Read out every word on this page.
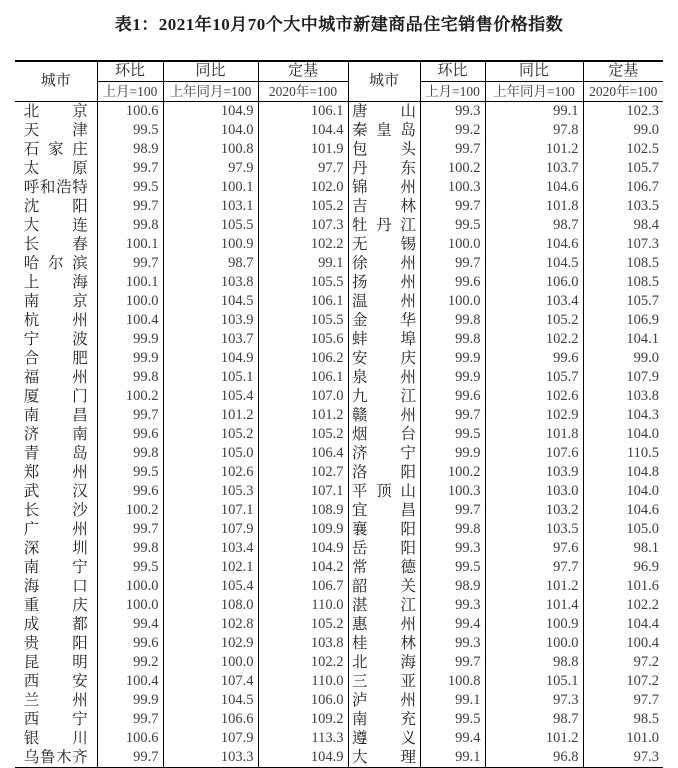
表1：2021年10月70个大中城市新建商品住宅销售价格指数
城市	环比	同比	定基	城市	环比	同比	定基
	上月=100	上年同月=100	2020年=100		上月=100	上年同月=100	2020年=100
北京	100.6	104.9	106.1	唐山	99.3	99.1	102.3
天津	99.5	104.0	104.4	秦皇岛	99.2	97.8	99.0
石家庄	98.9	100.8	101.9	包头	99.7	101.2	102.5
太原	99.7	97.9	97.7	丹东	100.2	103.7	105.7
呼和浩特	99.5	100.1	102.0	锦州	100.3	104.6	106.7
沈阳	99.7	103.1	105.2	吉林	99.7	101.8	103.5
大连	99.8	105.5	107.3	牡丹江	99.5	98.7	98.4
长春	100.1	100.9	102.2	无锡	100.0	104.6	107.3
哈尔滨	99.7	98.7	99.1	徐州	99.7	104.5	108.5
上海	100.1	103.8	105.5	扬州	99.6	106.0	108.5
南京	100.0	104.5	106.1	温州	100.0	103.4	105.7
杭州	100.4	103.9	105.5	金华	99.8	105.2	106.9
宁波	99.9	103.7	105.6	蚌埠	99.8	102.2	104.1
合肥	99.9	104.9	106.2	安庆	99.9	99.6	99.0
福州	99.8	105.1	106.1	泉州	99.9	105.7	107.9
厦门	100.2	105.4	107.0	九江	99.6	102.6	103.8
南昌	99.7	101.2	101.2	赣州	99.7	102.9	104.3
济南	99.6	105.2	105.2	烟台	99.5	101.8	104.0
青岛	99.8	105.0	106.4	济宁	99.9	107.6	110.5
郑州	99.5	102.6	102.7	洛阳	100.2	103.9	104.8
武汉	99.6	105.3	107.1	平顶山	100.3	103.0	104.0
长沙	100.2	107.1	108.9	宜昌	99.7	103.2	104.6
广州	99.7	107.9	109.9	襄阳	99.8	103.5	105.0
深圳	99.8	103.4	104.9	岳阳	99.3	97.6	98.1
南宁	99.5	102.1	104.2	常德	99.5	97.7	96.9
海口	100.0	105.4	106.7	韶关	98.9	101.2	101.6
重庆	100.0	108.0	110.0	湛江	99.3	101.4	102.2
成都	99.4	102.8	105.2	惠州	99.4	100.9	104.4
贵阳	99.6	102.9	103.8	桂林	99.3	100.0	100.4
昆明	99.2	100.0	102.2	北海	99.7	98.8	97.2
西安	100.4	107.4	110.0	三亚	100.8	105.1	107.2
兰州	99.9	104.5	106.0	泸州	99.1	97.3	97.7
西宁	99.7	106.6	109.2	南充	99.5	98.7	98.5
银川	100.6	107.9	113.3	遵义	99.4	101.2	101.0
乌鲁木齐	99.7	103.3	104.9	大理	99.1	96.8	97.3
